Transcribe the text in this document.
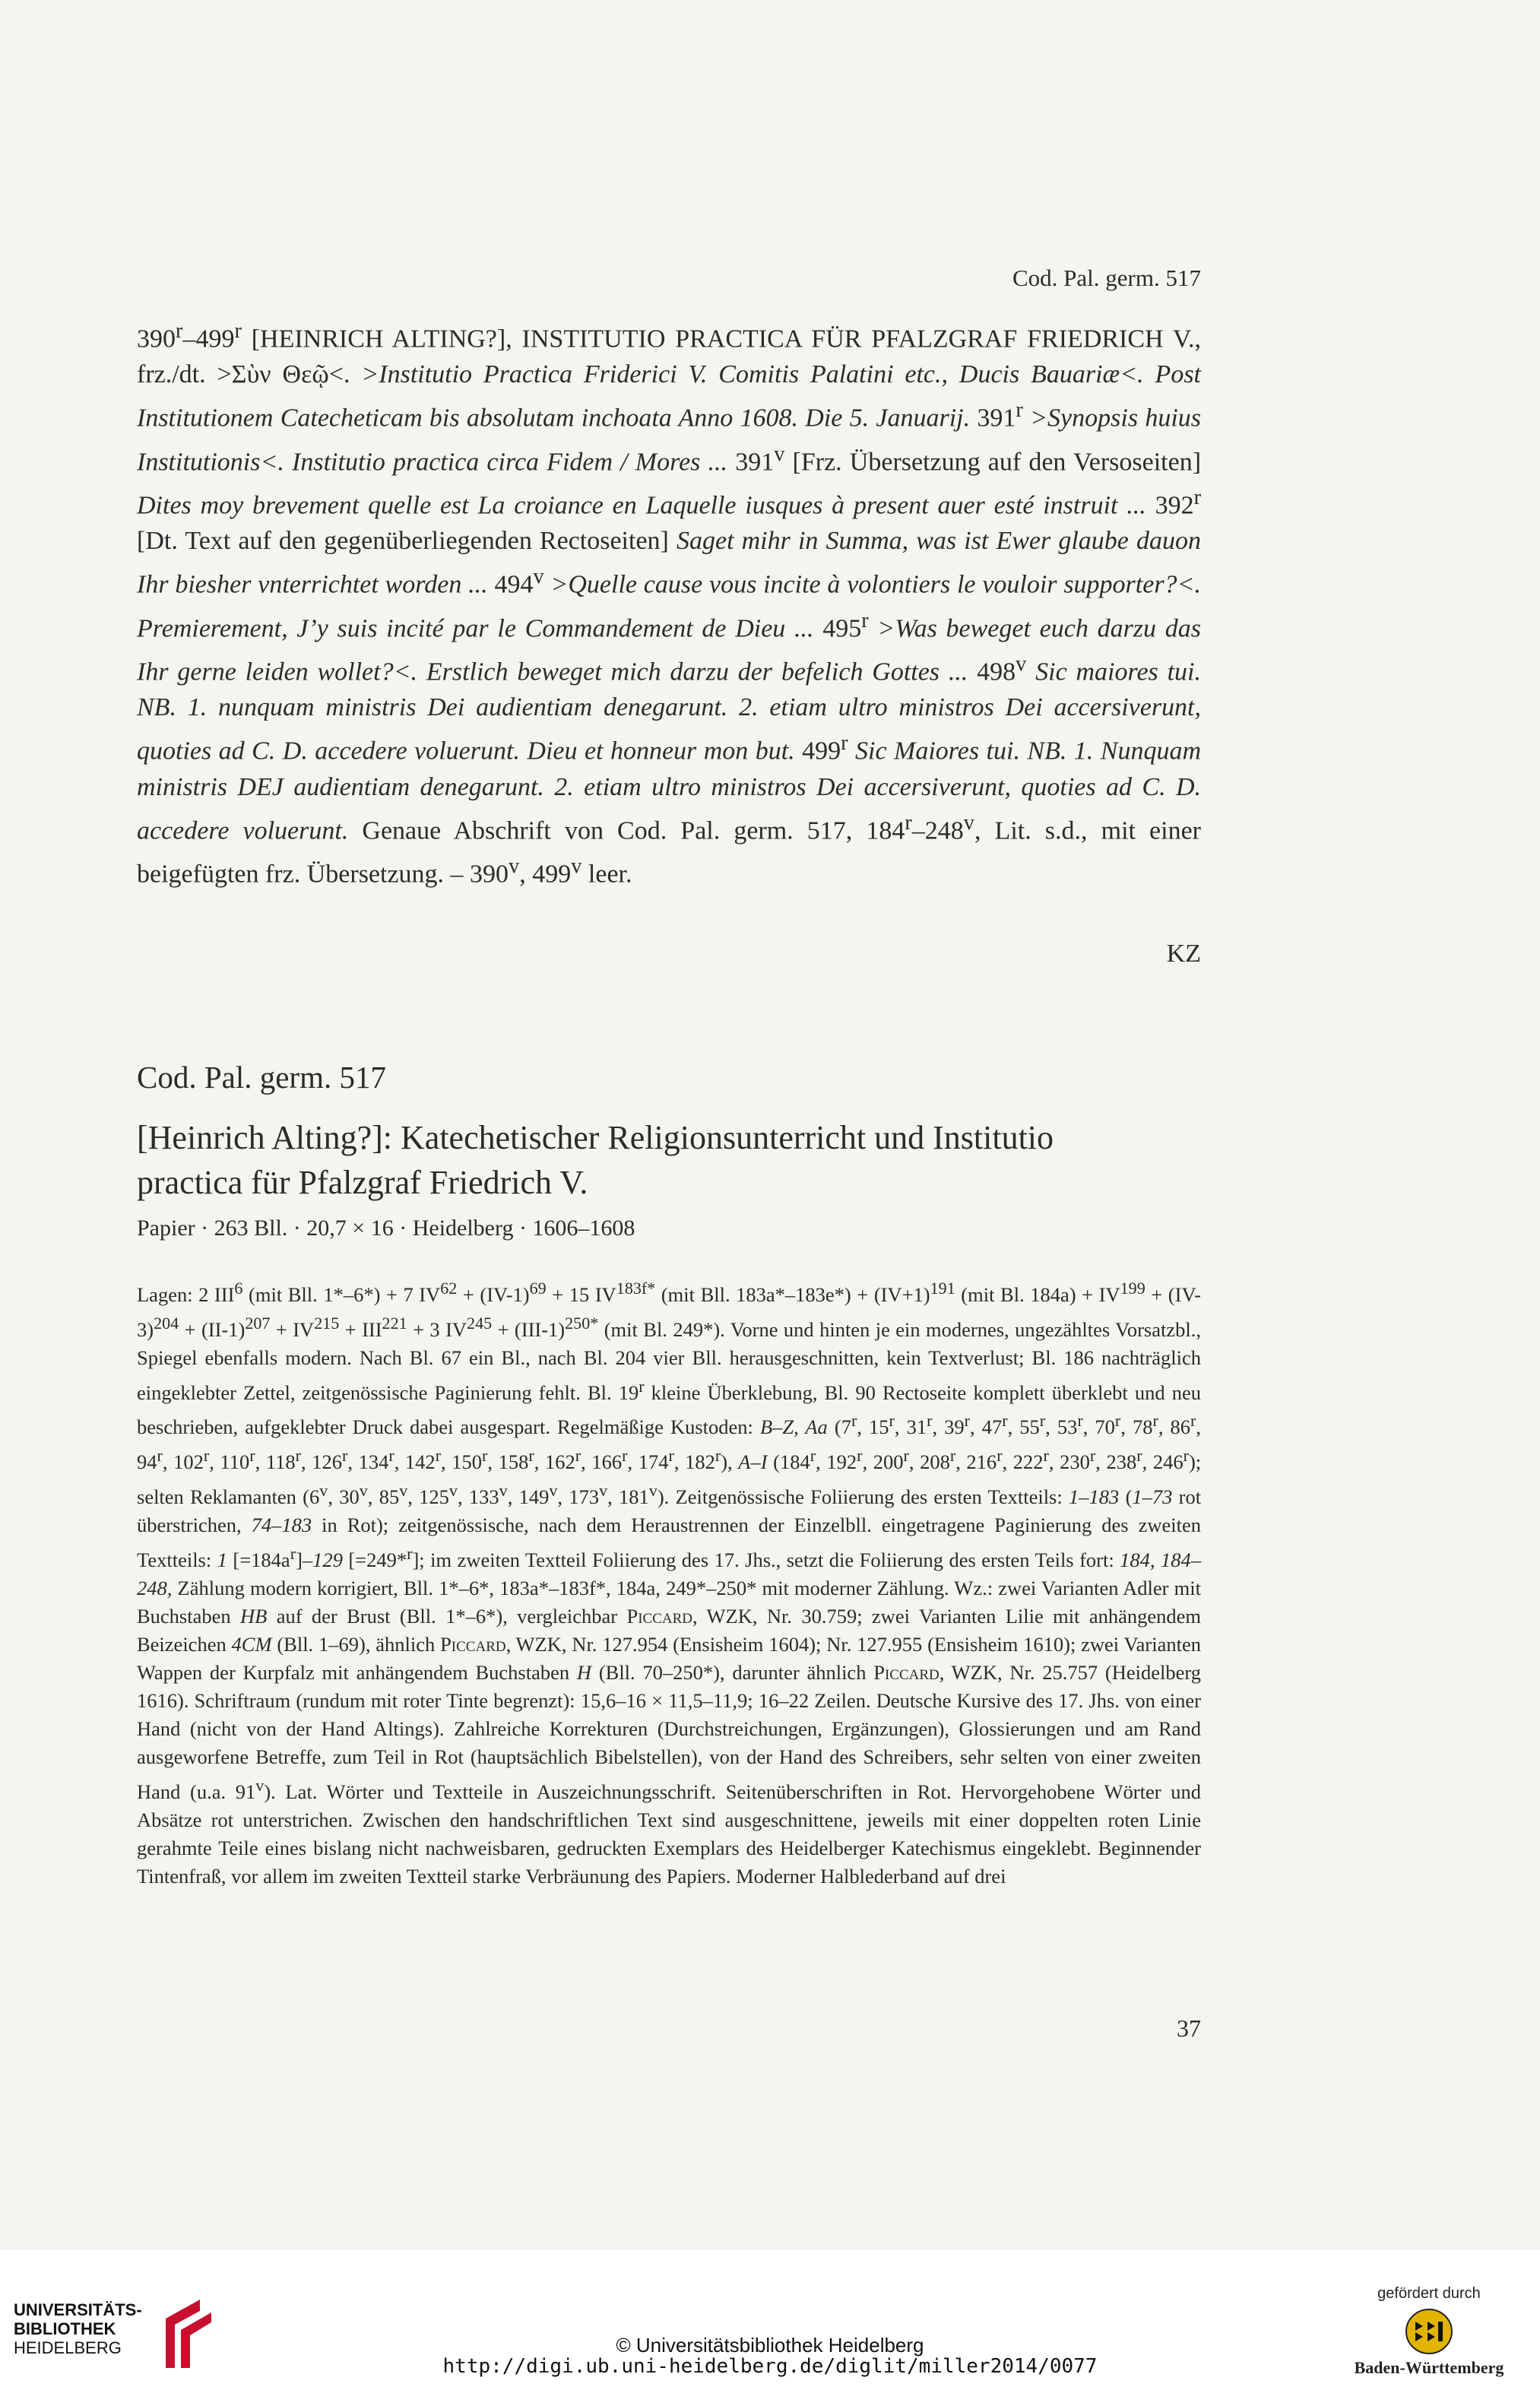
Cod. Pal. germ. 517

390$^r$–499$^r$ [HEINRICH ALTING?], INSTITUTIO PRACTICA FÜR PFALZGRAF FRIEDRICH V., frz./dt. >Σὺν Θεῷ<. >Institutio Practica Friderici V. Comitis Palatini etc., Ducis Bauariæ<. Post Institutionem Catecheticam bis absolutam inchoata Anno 1608. Die 5. Januarij. $391^r$ >Synopsis huius Institutionis<. Institutio practica circa Fidem / Mores ... 391$^v$ [Frz. Übersetzung auf den Versoseiten] Dites moy brevement quelle est La croiance en Laquelle iusques à present auer esté instruit ... 392$^r$ [Dt. Text auf den gegenüberliegenden Rectoseiten] Saget mihr in Summa, was ist Ewer glaube dauon Ihr biesher vnterrichtet worden ... $494^v$ >Quelle cause vous incite à volontiers le vouloir supporter?<. Premierement, J’y suis incité par le Commandement de Dieu ... $495^r >Was$ beweget euch darzu das Ihr gerne leiden wollet?<. Erstlich beweget mich darzu der befelich Gottes ... 498$^v$ Sic maiores tui. NB. 1. nunquam ministris Dei audientiam denegarunt. 2. etiam ultro ministros Dei accersiverunt, quoties ad C. D. accedere voluerunt. Dieu et honneur mon but. 499$^r$ Sic Maiores tui. NB. 1. Nunquam ministris DEJ audientiam denegarunt. 2. etiam ultro ministros Dei accersiverunt, quoties ad C. D. accedere voluerunt. Genaue Abschrift von Cod. Pal. germ. 517, 184$^r$–248$^v$, Lit. s.d., mit einer beigefügten frz. Übersetzung. – 390$^v$, 499$^v$ leer.

KZ
Cod. Pal. germ. 517
[Heinrich Alting?]: Katechetischer Religionsunterricht und Institutio
practica für Pfalzgraf Friedrich V.
Papier · 263 Bll. · 20,7 × 16 · Heidelberg · 1606–1608
Lagen: 2 III$^6$ (mit Bll. 1*–6*) + 7 $IV^{62} + (IV-1)^{69} + 15$ $IV^{183f*}$ (mit Bll. $183a*-183e*) + (IV+1)^{191}$ (mit Bl. $184a) + IV^{199} + (IV-3)^{204} + (II-1)^{207} + IV^{215} + III^{221} + 3$ $IV^{245} + (III-1)^{250*}$ (mit Bl. 249*). Vorne und hinten je ein modernes, ungezähltes Vorsatzbl., Spiegel ebenfalls modern. Nach Bl. 67 ein Bl., nach Bl. 204 vier Bll. herausgeschnitten, kein Textverlust; Bl. 186 nachträglich eingeklebter Zettel, zeitgenössische Paginierung fehlt. Bl. 19$^r$ kleine Überklebung, Bl. 90 Rectoseite komplett überklebt und neu beschrieben, aufgeklebter Druck dabei ausgespart. Regelmäßige Kustoden: B–Z, Aa (7$^r$, 15$^r$, 31$^r$, 39$^r$, 47$^r$, 55$^r$, 53$^r$, 70$^r$, 78$^r$, 86$^r$, 94$^r$, 102$^r$, 110$^r$, 118$^r$, 126$^r$, 134$^r$, 142$^r$, 150$^r$, 158$^r$, 162$^r$, 166$^r$, 174$^r$, 182$^r$), A–I (184$^r$, 192$^r$, 200$^r$, 208$^r$, 216$^r$, 222$^r$, 230$^r$, 238$^r$, 246$^r$); selten Reklamanten (6$^v$, 30$^v$, 85$^v$, 125$^v$, 133$^v$, 149$^v$, 173$^v$, 181$^v$). Zeitgenössische Foliierung des ersten Textteils: 1–183 (1–73 rot überstrichen, 74–183 in Rot); zeitgenössische, nach dem Heraustrennen der Einzelbll. eingetragene Paginierung des zweiten Textteils: 1 $[=184a^r]-129$ [=249*$^r$]; im zweiten Textteil Foliierung des 17. Jhs., setzt die Foliierung des ersten Teils fort: 184, 184–248, Zählung modern korrigiert, Bll. 1*–6*, 183a*–183f*, 184a, 249*–250* mit moderner Zählung. Wz.: zwei Varianten Adler mit Buchstaben HB auf der Brust (Bll. 1*–6*), vergleichbar Piccard, WZK, Nr. 30.759; zwei Varianten Lilie mit anhängendem Beizeichen 4CM (Bll. 1–69), ähnlich Piccard, WZK, Nr. 127.954 (Ensisheim 1604); Nr. 127.955 (Ensisheim 1610); zwei Varianten Wappen der Kurpfalz mit anhängendem Buchstaben H (Bll. 70–250*), darunter ähnlich Piccard, WZK, Nr. 25.757 (Heidelberg 1616). Schriftraum (rundum mit roter Tinte begrenzt): 15,6–16 × 11,5–11,9; 16–22 Zeilen. Deutsche Kursive des 17. Jhs. von einer Hand (nicht von der Hand Altings). Zahlreiche Korrekturen (Durchstreichungen, Ergänzungen), Glossierungen und am Rand ausgeworfene Betreffe, zum Teil in Rot (hauptsächlich Bibelstellen), von der Hand des Schreibers, sehr selten von einer zweiten Hand (u.a. 91$^v$). Lat. Wörter und Textteile in Auszeichnungsschrift. Seitenüberschriften in Rot. Hervorgehobene Wörter und Absätze rot unterstrichen. Zwischen den handschriftlichen Text sind ausgeschnittene, jeweils mit einer doppelten roten Linie gerahmte Teile eines bislang nicht nachweisbaren, gedruckten Exemplars des Heidelberger Katechismus eingeklebt. Beginnender Tintenfraß, vor allem im zweiten Textteil starke Verbräunung des Papiers. Moderner Halblederband auf drei
37
UNIVERSITÄTS-
BIBLIOTHEK
HEIDELBERG	© Universitätsbibliothek Heidelberg
http://digi.ub.uni-heidelberg.de/diglit/miller2014/0077
gefördert durch
Baden-Württemberg
